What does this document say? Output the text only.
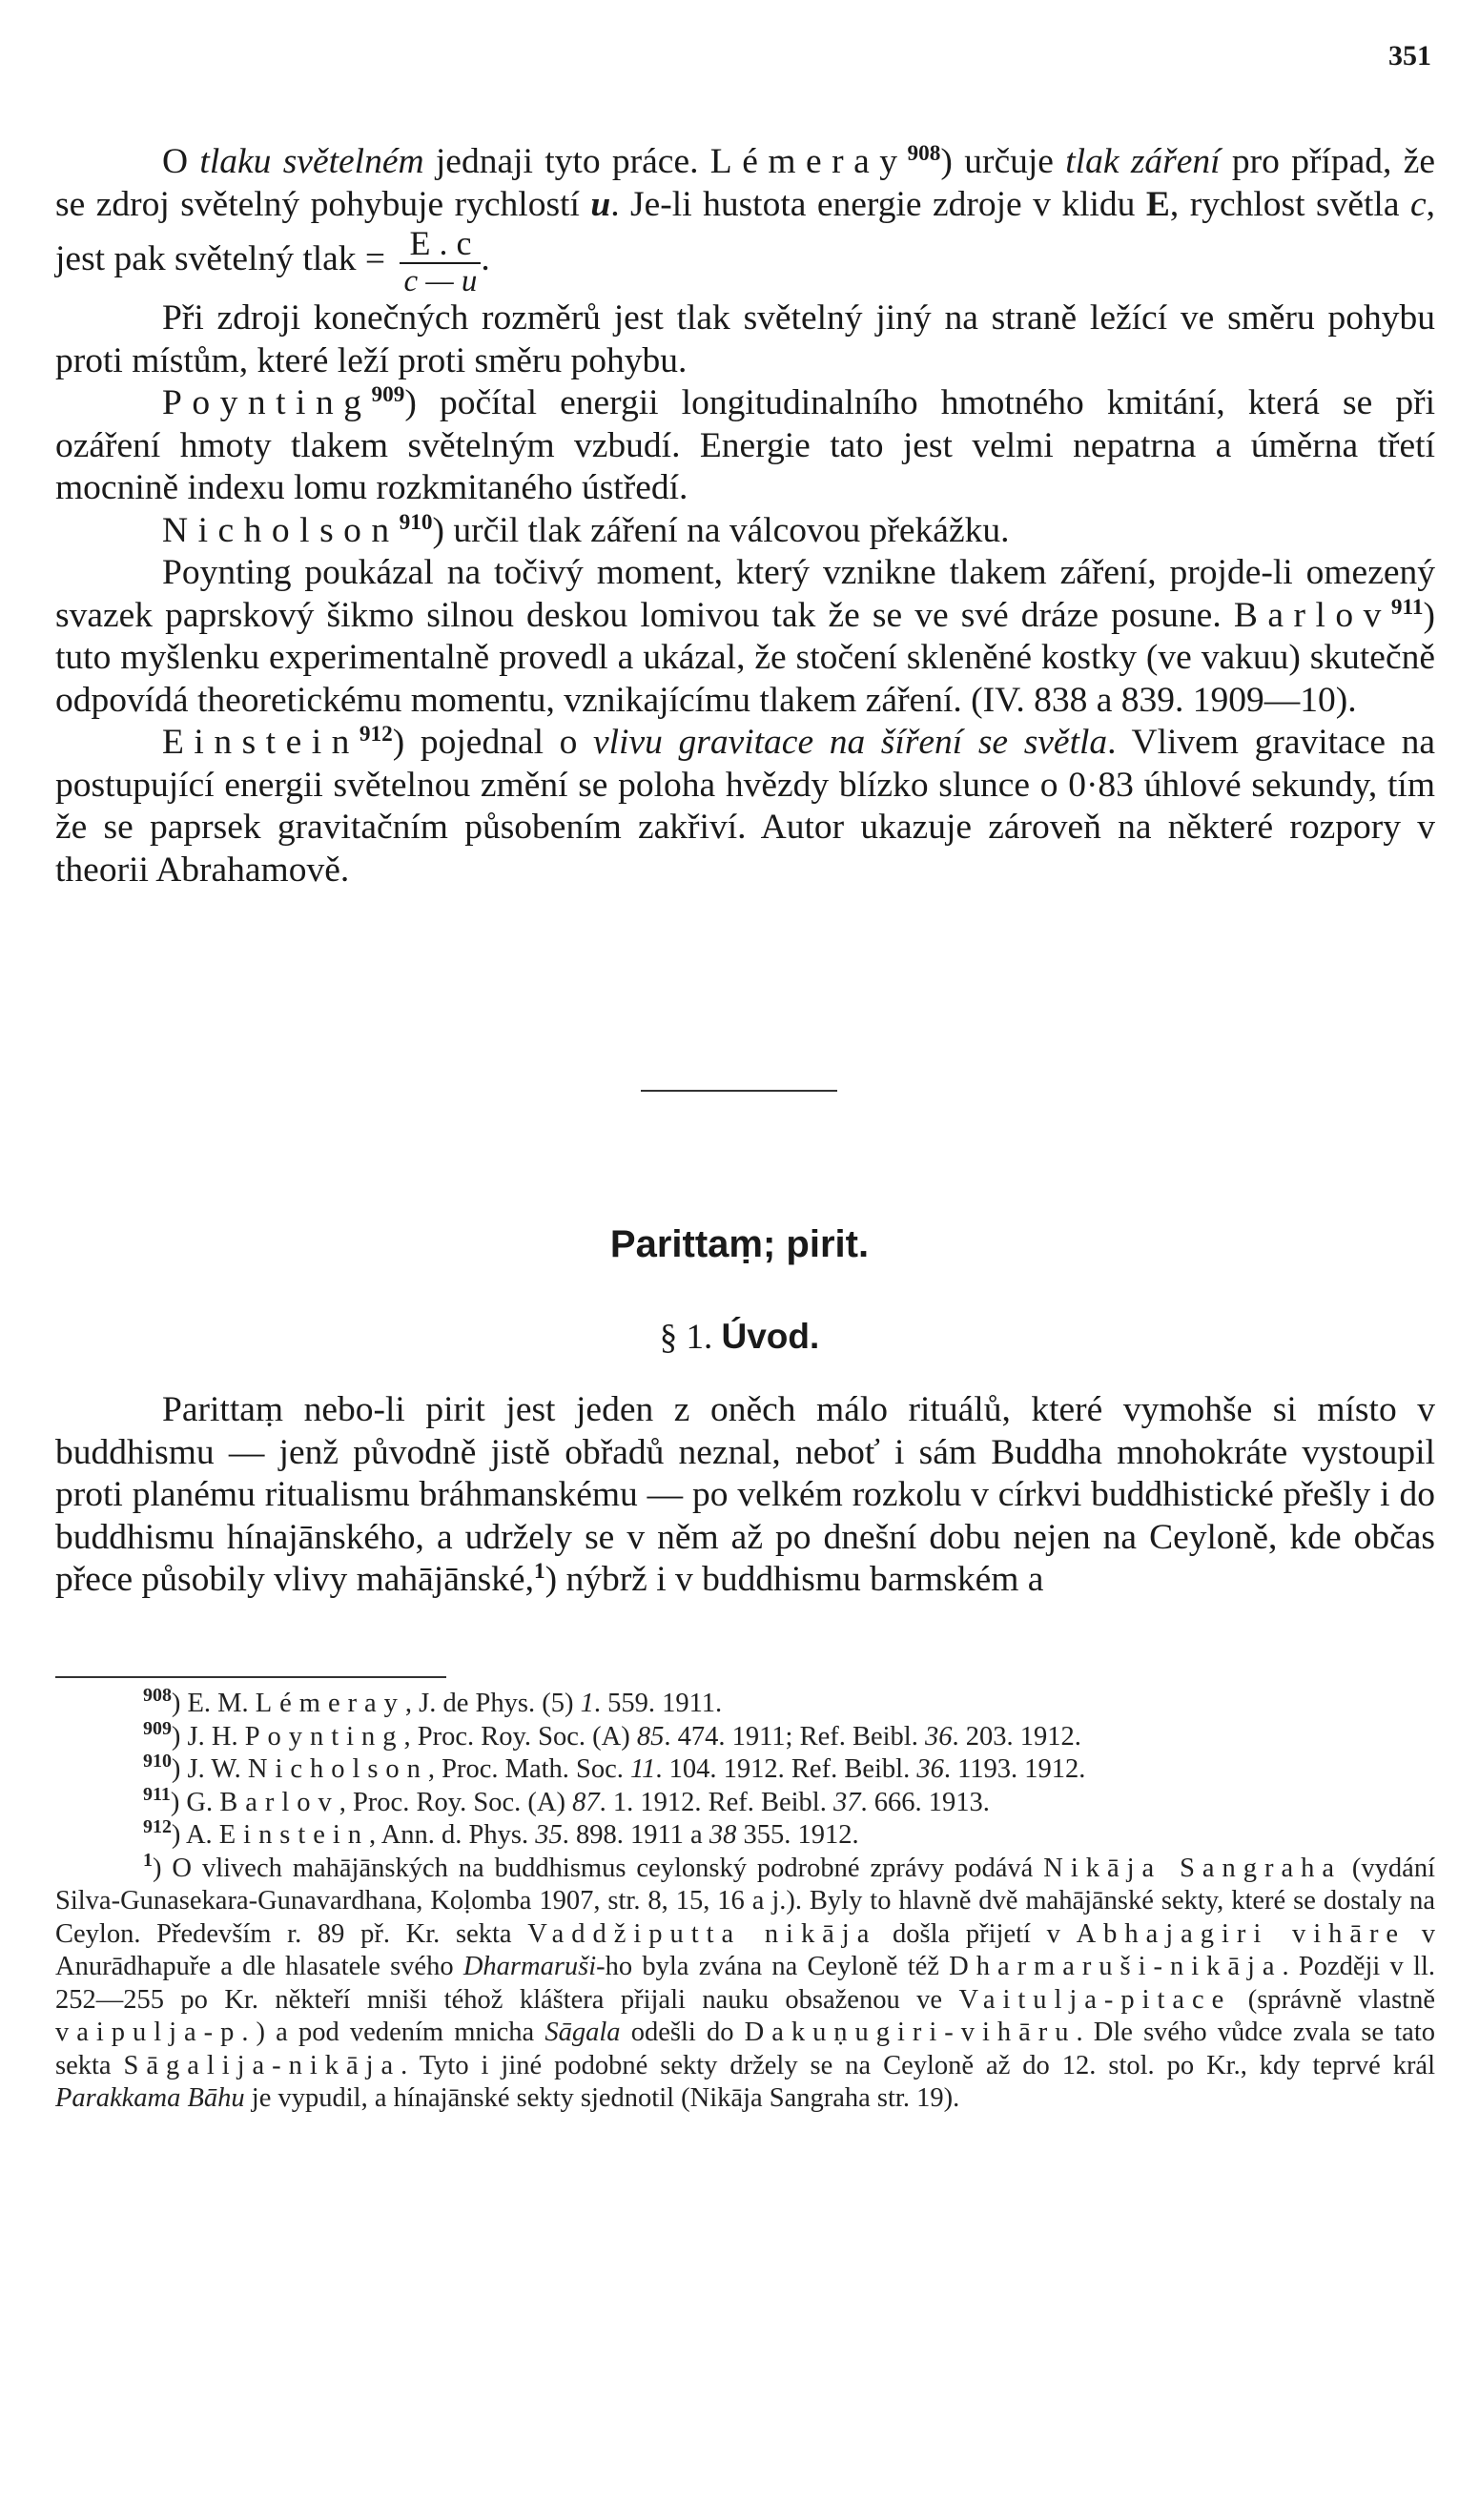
351

O tlaku světelném jednaji tyto práce. Lémeray$^{908}$) určuje tlak záření pro případ, že se zdroj světelný pohybuje rychlostí u. Je-li hustota energie zdroje v klidu E, rychlost světla c, jest pak světelný tlak = $\frac{E . c}{c — u}$ .

Při zdroji konečných rozměrů jest tlak světelný jiný na straně ležící ve směru pohybu proti místům, které leží proti směru pohybu.

Poynting$^{909}$) počítal energii longitudinalního hmotného kmitání, která se při ozáření hmoty tlakem světelným vzbudí. Energie tato jest velmi nepatrna a úměrna třetí mocnině indexu lomu rozkmitaného ústředí.

Nicholson$^{910}$) určil tlak záření na válcovou překážku.

Poynting poukázal na točivý moment, který vznikne tlakem záření, projde-li omezený svazek paprskový šikmo silnou deskou lomivou tak že se ve své dráze posune. Barlov$^{911}$) tuto myšlenku experimentalně provedl a ukázal, že stočení skleněné kostky (ve vakuu) skutečně odpovídá theoretickému momentu, vznikajícímu tlakem záření. (IV. 838 a 839. 1909—10).

Einstein$^{912}$) pojednal o vlivu gravitace na šíření se světla. Vlivem gravitace na postupující energii světelnou změní se poloha hvězdy blízko slunce o 0·83 úhlové sekundy, tím že se paprsek gravitačním působením zakřiví. Autor ukazuje zároveň na některé rozpory v theorii Abrahamově.

Parittaṃ; pirit.
§ 1. Úvod.

Parittaṃ nebo-li pirit jest jeden z oněch málo rituálů, které vymohše si místo v buddhismu — jenž původně jistě obřadů neznal, neboť i sám Buddha mnohokráte vystoupil proti planému ritualismu bráhmanskému — po velkém rozkolu v církvi buddhistické přešly i do buddhismu hínajānského, a udržely se v něm až po dnešní dobu nejen na Ceyloně, kde občas přece působily vlivy mahājānské,$^1$) nýbrž i v buddhismu barmském a

$^{908}$) E. M. Lémeray, J. de Phys. (5) 1. 559. 1911.

$^{909}$) J. H. Poynting, Proc. Roy. Soc. (A) 85. 474. 1911; Ref. Beibl. 36. 203. 1912.

$^{910}$) J. W. Nicholson, Proc. Math. Soc. 11. 104. 1912. Ref. Beibl. 36. 1193. 1912.

$^{911}$) G. Barlov, Proc. Roy. Soc. (A) 87. 1. 1912. Ref. Beibl. 37. 666. 1913.

$^{912}$) A. Einstein, Ann. d. Phys. 35. 898. 1911 a 38 355. 1912.

$^1$) O vlivech mahājānských na buddhismus ceylonský podrobné zprávy podává Nikāja Sangraha (vydání Silva-Gunasekara-Gunavardhana, Koḷomba 1907, str. 8, 15, 16 a j.). Byly to hlavně dvě mahājānské sekty, které se dostaly na Ceylon. Především r. 89 př. Kr. sekta Vaddžiputta nikāja došla přijetí v Abhajagiri vihāre v Anurādhapuře a dle hlasatele svého Dharmaruši-ho byla zvána na Ceyloně též Dharmaruši-nikāja. Později v ll. 252—255 po Kr. někteří mniši téhož kláštera přijali nauku obsaženou ve Vaitulja-pitace (správně vlastně vaipulja-p.) a pod vedením mnicha Sāgala odešli do Dakuṇugiri-vihāru. Dle svého vůdce zvala se tato sekta Sāgalija-nikāja. Tyto i jiné podobné sekty držely se na Ceyloně až do 12. stol. po Kr., kdy teprvé král Parakkama Bāhu je vypudil, a hínajānské sekty sjednotil (Nikāja Sangraha str. 19).
